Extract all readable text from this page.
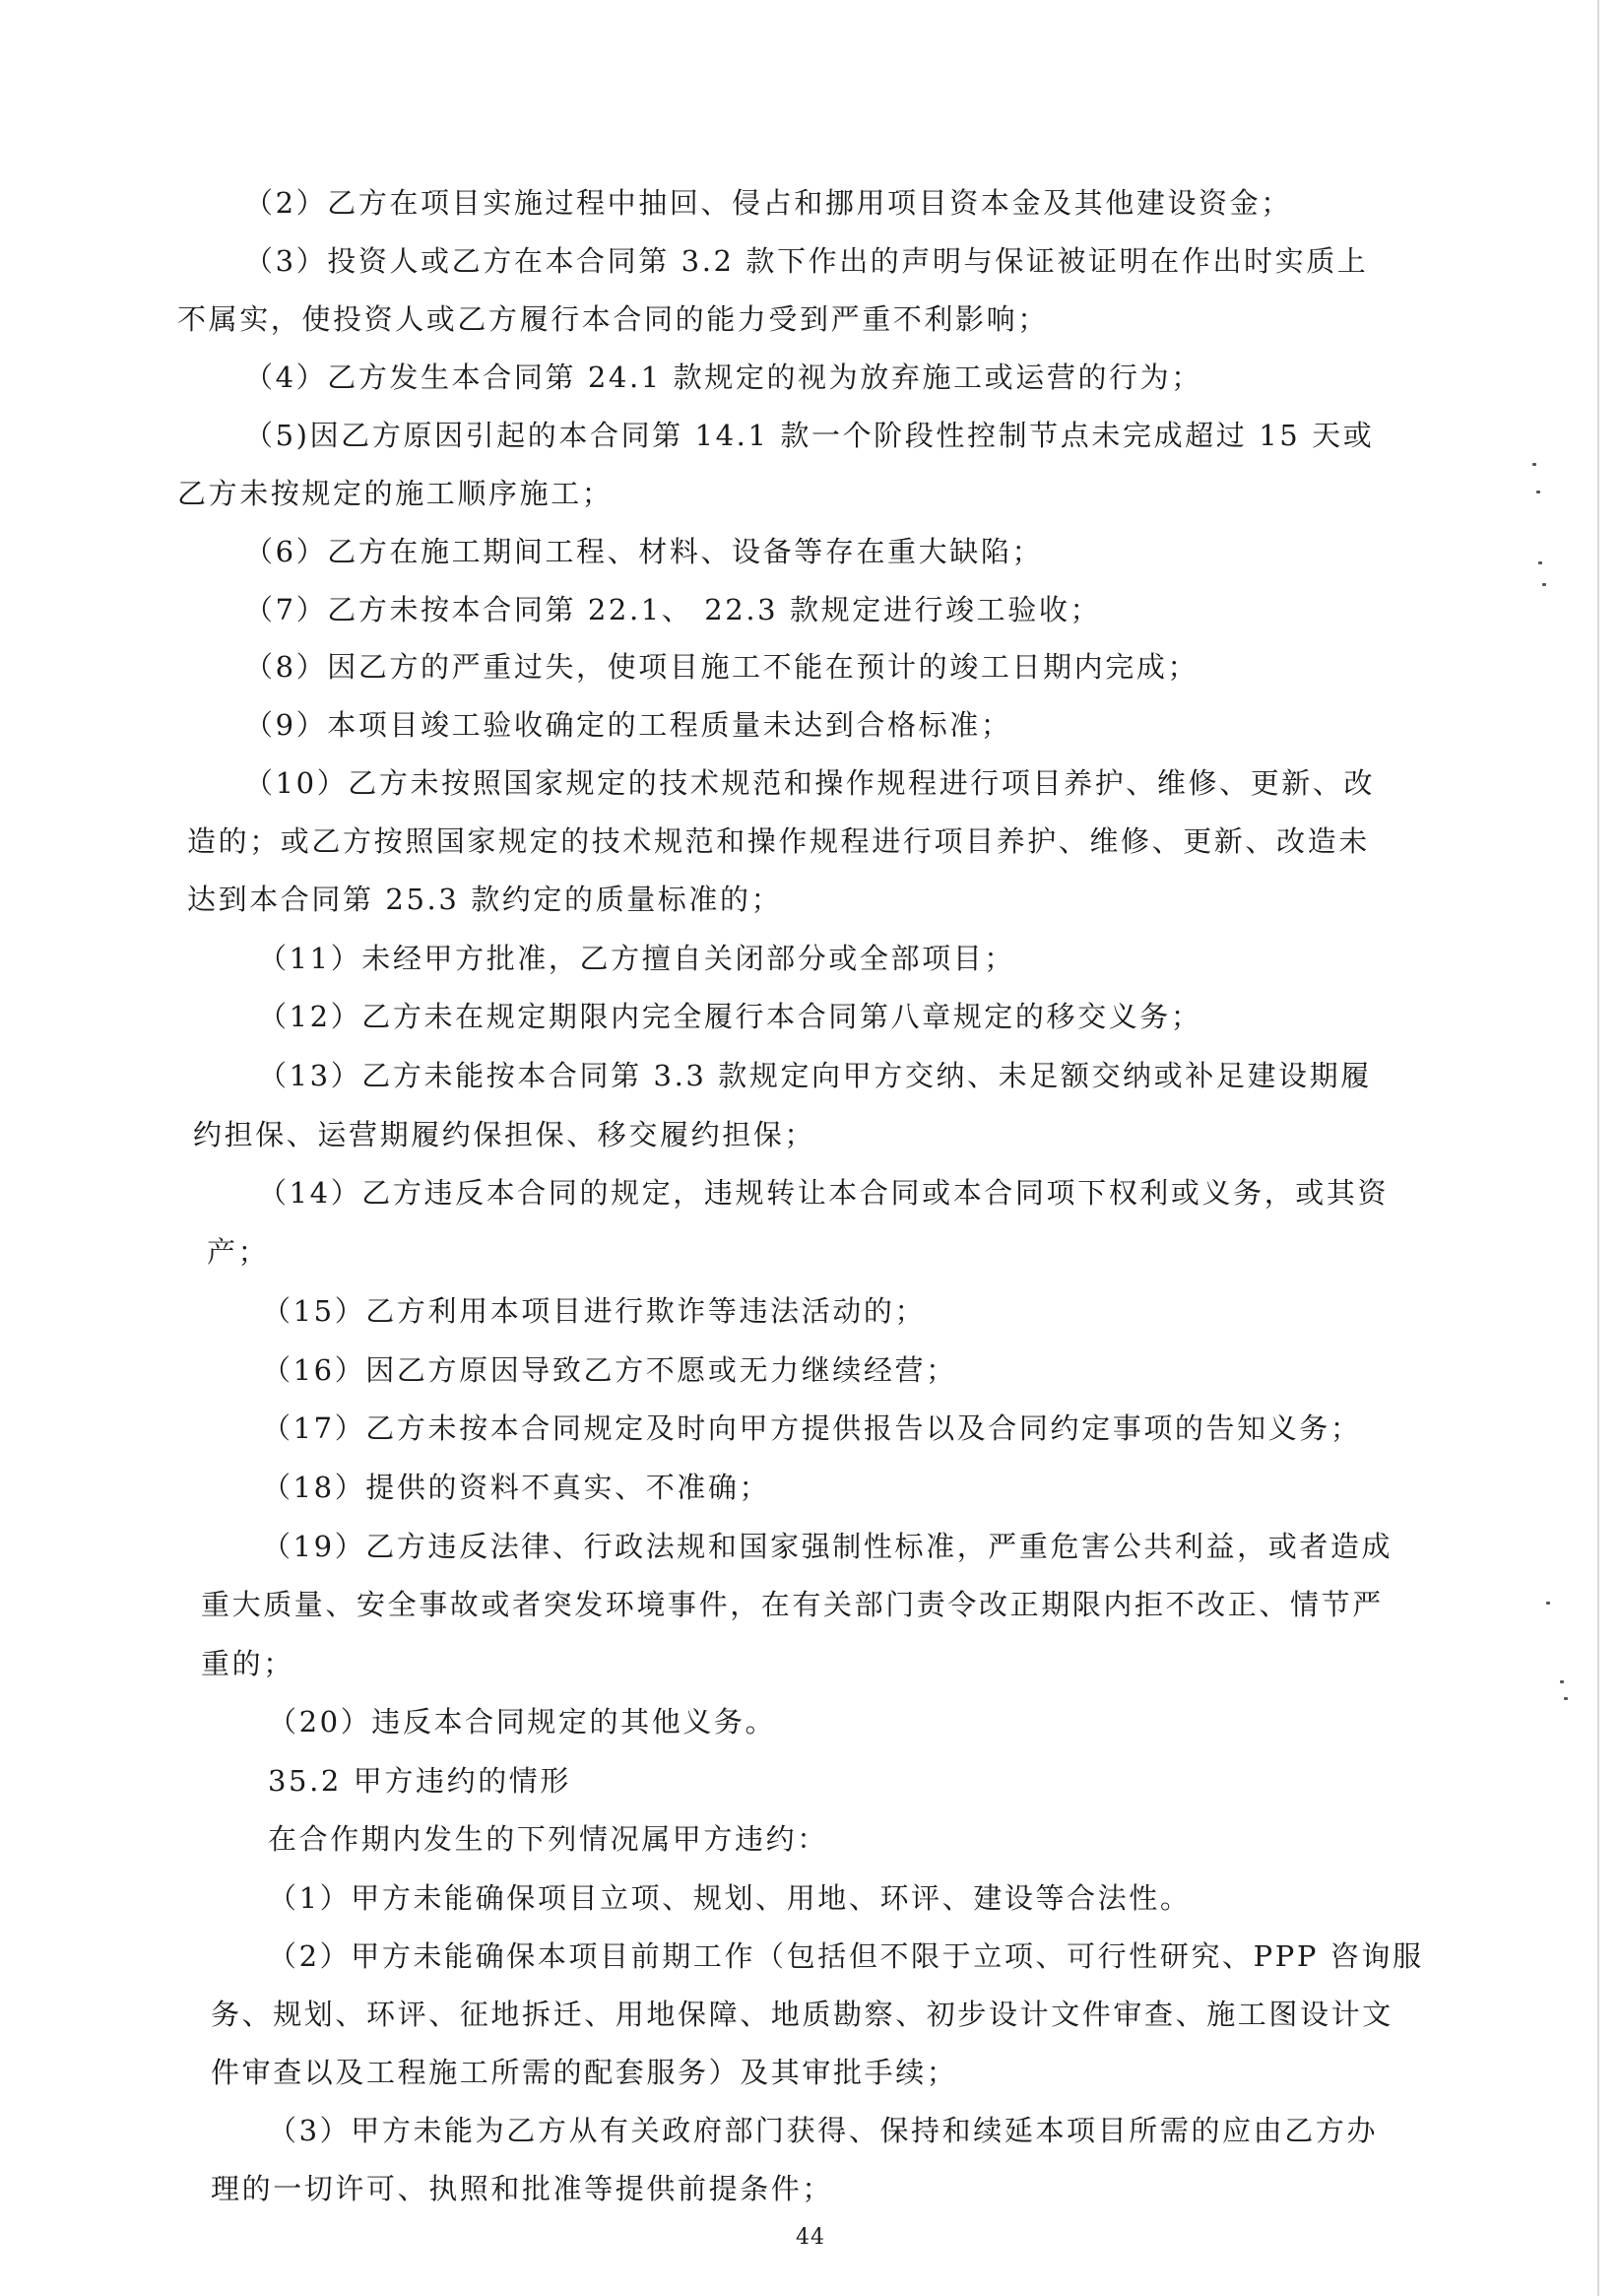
（2）乙方在项目实施过程中抽回、侵占和挪用项目资本金及其他建设资金；
（3）投资人或乙方在本合同第 3.2 款下作出的声明与保证被证明在作出时实质上
不属实，使投资人或乙方履行本合同的能力受到严重不利影响；
（4）乙方发生本合同第 24.1 款规定的视为放弃施工或运营的行为；
（5)因乙方原因引起的本合同第 14.1 款一个阶段性控制节点未完成超过 15 天或
乙方未按规定的施工顺序施工；
（6）乙方在施工期间工程、材料、设备等存在重大缺陷；
（7）乙方未按本合同第 22.1、 22.3 款规定进行竣工验收；
（8）因乙方的严重过失，使项目施工不能在预计的竣工日期内完成；
（9）本项目竣工验收确定的工程质量未达到合格标准；
（10）乙方未按照国家规定的技术规范和操作规程进行项目养护、维修、更新、改
造的；或乙方按照国家规定的技术规范和操作规程进行项目养护、维修、更新、改造未
达到本合同第 25.3 款约定的质量标准的；
（11）未经甲方批准，乙方擅自关闭部分或全部项目；
（12）乙方未在规定期限内完全履行本合同第八章规定的移交义务；
（13）乙方未能按本合同第 3.3 款规定向甲方交纳、未足额交纳或补足建设期履
约担保、运营期履约保担保、移交履约担保；
（14）乙方违反本合同的规定，违规转让本合同或本合同项下权利或义务，或其资
产；
（15）乙方利用本项目进行欺诈等违法活动的；
（16）因乙方原因导致乙方不愿或无力继续经营；
（17）乙方未按本合同规定及时向甲方提供报告以及合同约定事项的告知义务；
（18）提供的资料不真实、不准确；
（19）乙方违反法律、行政法规和国家强制性标准，严重危害公共利益，或者造成
重大质量、安全事故或者突发环境事件，在有关部门责令改正期限内拒不改正、情节严
重的；
（20）违反本合同规定的其他义务。
35.2 甲方违约的情形
在合作期内发生的下列情况属甲方违约：
（1）甲方未能确保项目立项、规划、用地、环评、建设等合法性。
（2）甲方未能确保本项目前期工作（包括但不限于立项、可行性研究、PPP 咨询服
务、规划、环评、征地拆迁、用地保障、地质勘察、初步设计文件审查、施工图设计文
件审查以及工程施工所需的配套服务）及其审批手续；
（3）甲方未能为乙方从有关政府部门获得、保持和续延本项目所需的应由乙方办
理的一切许可、执照和批准等提供前提条件；
44
